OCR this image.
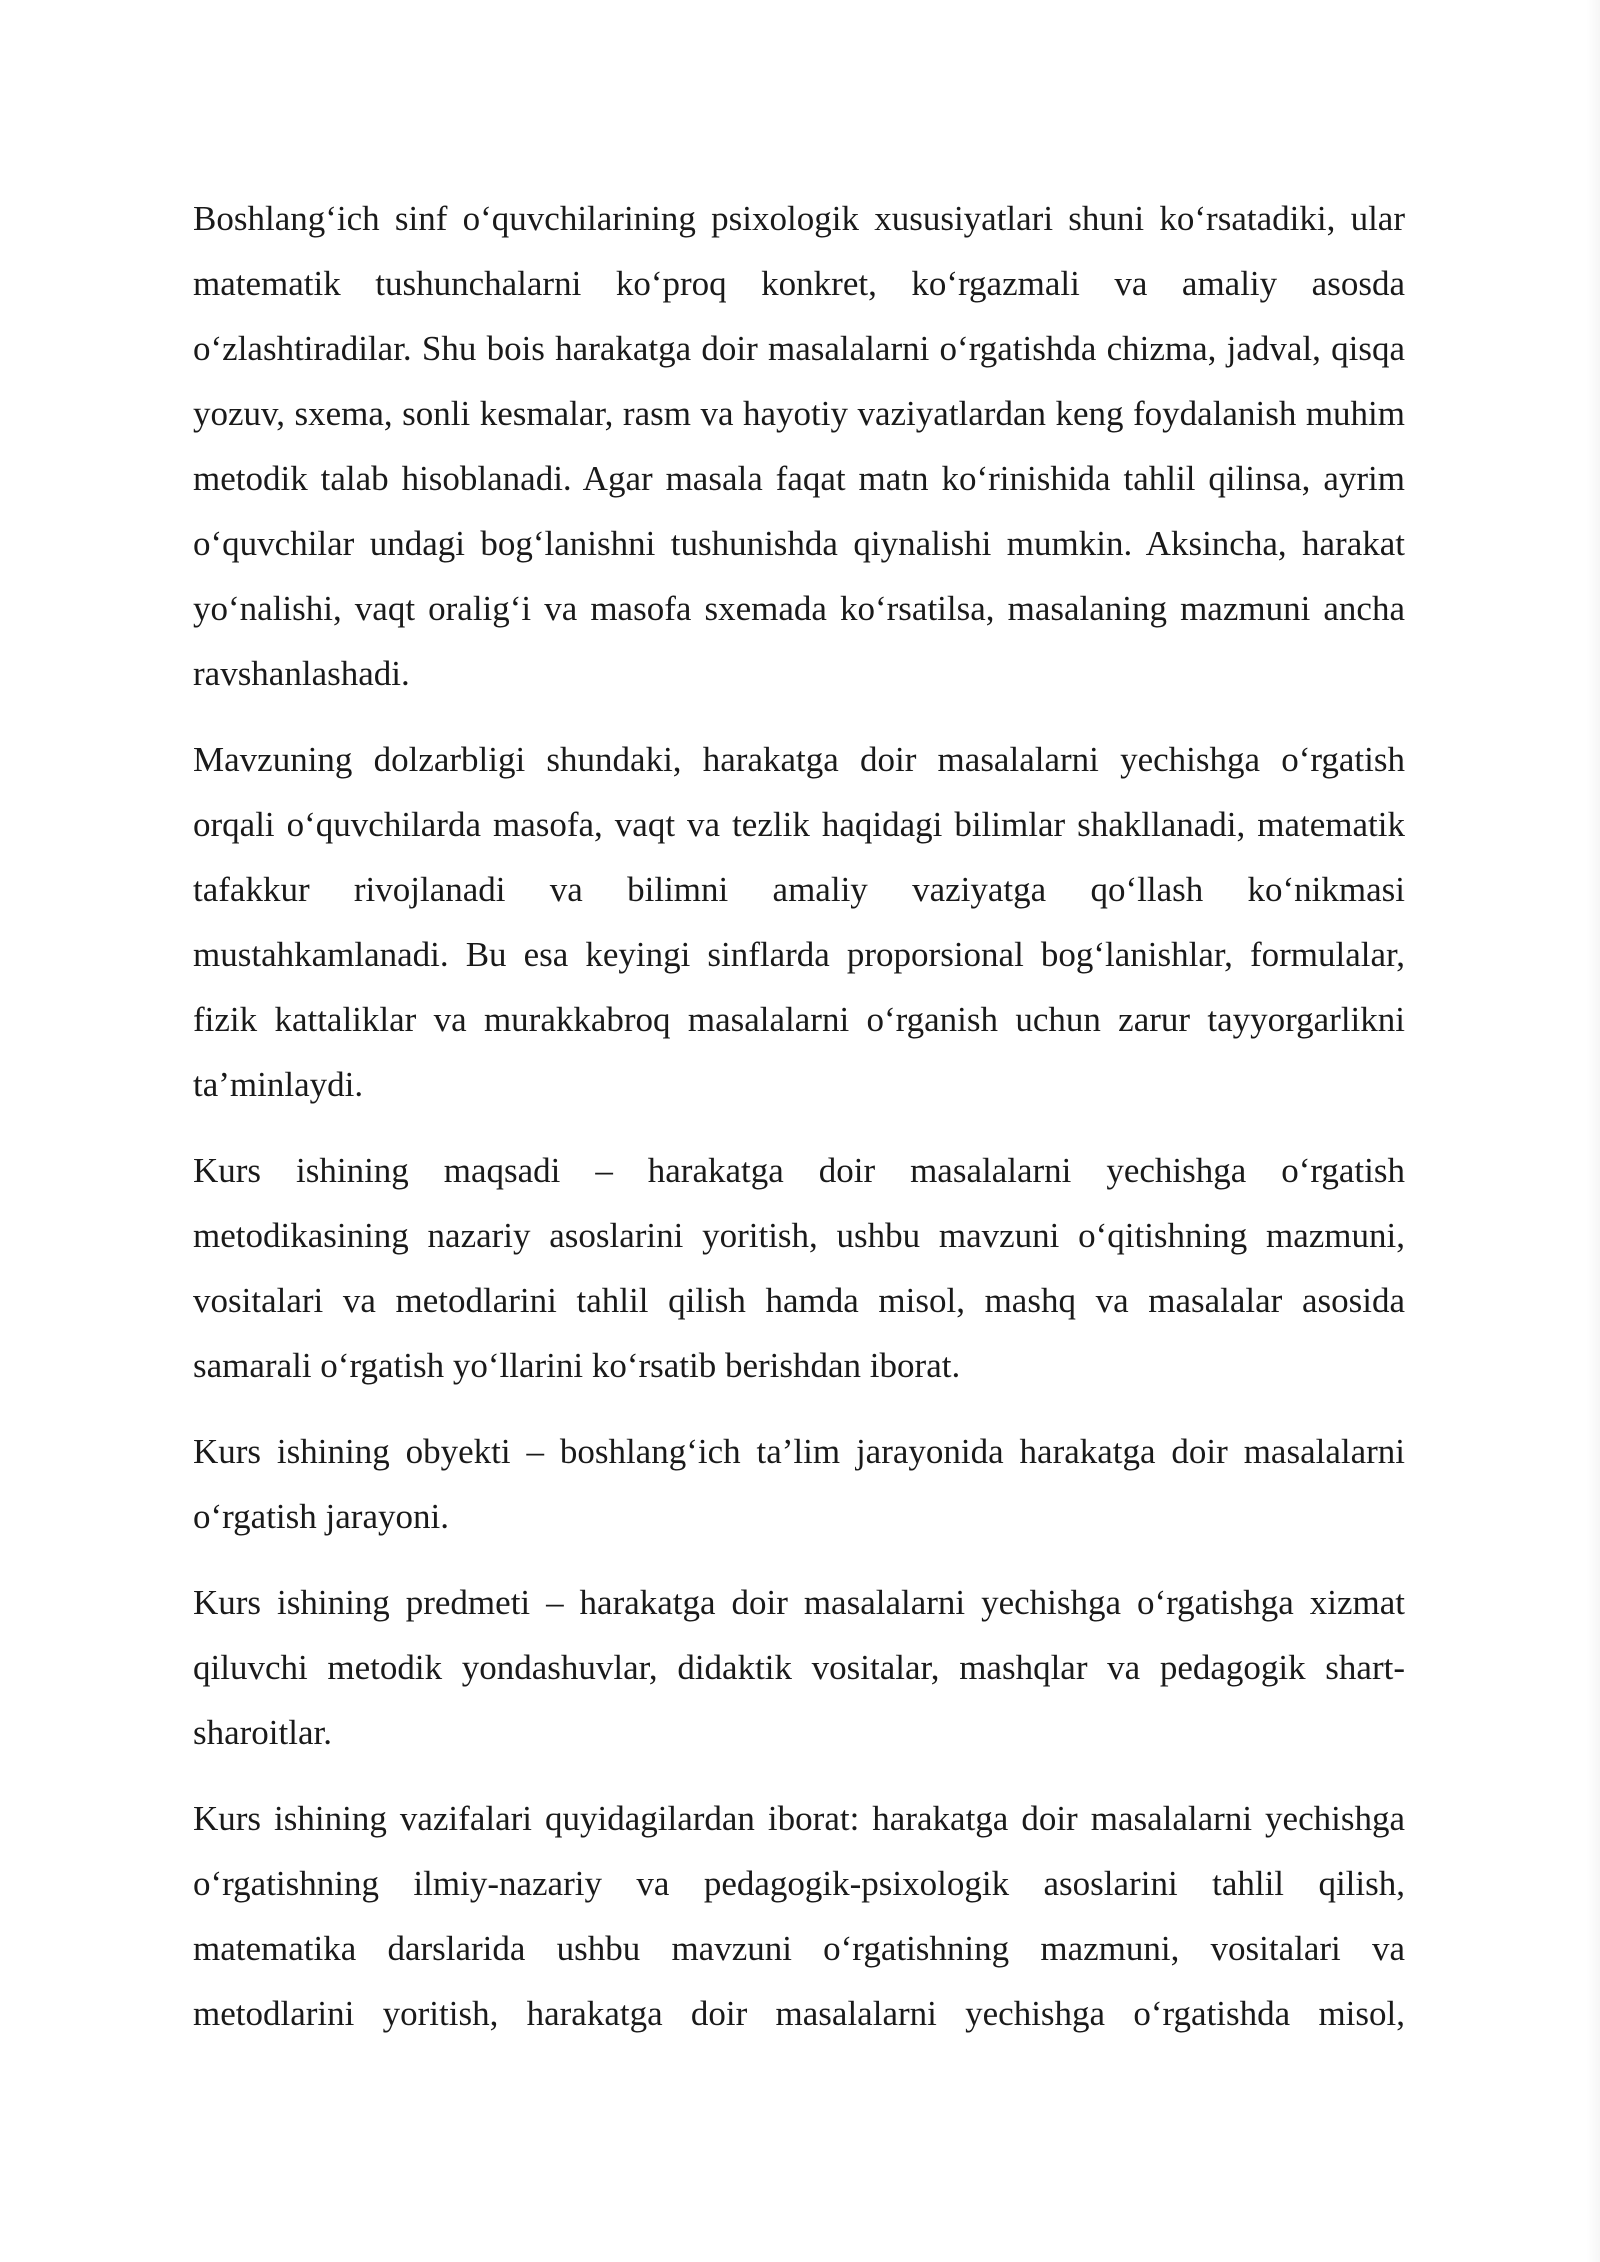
Boshlang‘ich sinf o‘quvchilarining psixologik xususiyatlari shuni ko‘rsatadiki, ular matematik tushunchalarni ko‘proq konkret, ko‘rgazmali va amaliy asosda o‘zlashtiradilar. Shu bois harakatga doir masalalarni o‘rgatishda chizma, jadval, qisqa yozuv, sxema, sonli kesmalar, rasm va hayotiy vaziyatlardan keng foydalanish muhim metodik talab hisoblanadi. Agar masala faqat matn ko‘rinishida tahlil qilinsa, ayrim o‘quvchilar undagi bog‘lanishni tushunishda qiynalishi mumkin. Aksincha, harakat yo‘nalishi, vaqt oralig‘i va masofa sxemada ko‘rsatilsa, masalaning mazmuni ancha ravshanlashadi.

Mavzuning dolzarbligi shundaki, harakatga doir masalalarni yechishga o‘rgatish orqali o‘quvchilarda masofa, vaqt va tezlik haqidagi bilimlar shakllanadi, matematik tafakkur rivojlanadi va bilimni amaliy vaziyatga qo‘llash ko‘nikmasi mustahkamlanadi. Bu esa keyingi sinflarda proporsional bog‘lanishlar, formulalar, fizik kattaliklar va murakkabroq masalalarni o‘rganish uchun zarur tayyorgarlikni ta’minlaydi.

Kurs ishining maqsadi – harakatga doir masalalarni yechishga o‘rgatish metodikasining nazariy asoslarini yoritish, ushbu mavzuni o‘qitishning mazmuni, vositalari va metodlarini tahlil qilish hamda misol, mashq va masalalar asosida samarali o‘rgatish yo‘llarini ko‘rsatib berishdan iborat.

Kurs ishining obyekti – boshlang‘ich ta’lim jarayonida harakatga doir masalalarni o‘rgatish jarayoni.

Kurs ishining predmeti – harakatga doir masalalarni yechishga o‘rgatishga xizmat qiluvchi metodik yondashuvlar, didaktik vositalar, mashqlar va pedagogik shart-sharoitlar.

Kurs ishining vazifalari quyidagilardan iborat: harakatga doir masalalarni yechishga o‘rgatishning ilmiy-nazariy va pedagogik-psixologik asoslarini tahlil qilish, matematika darslarida ushbu mavzuni o‘rgatishning mazmuni, vositalari va metodlarini yoritish, harakatga doir masalalarni yechishga o‘rgatishda misol,
